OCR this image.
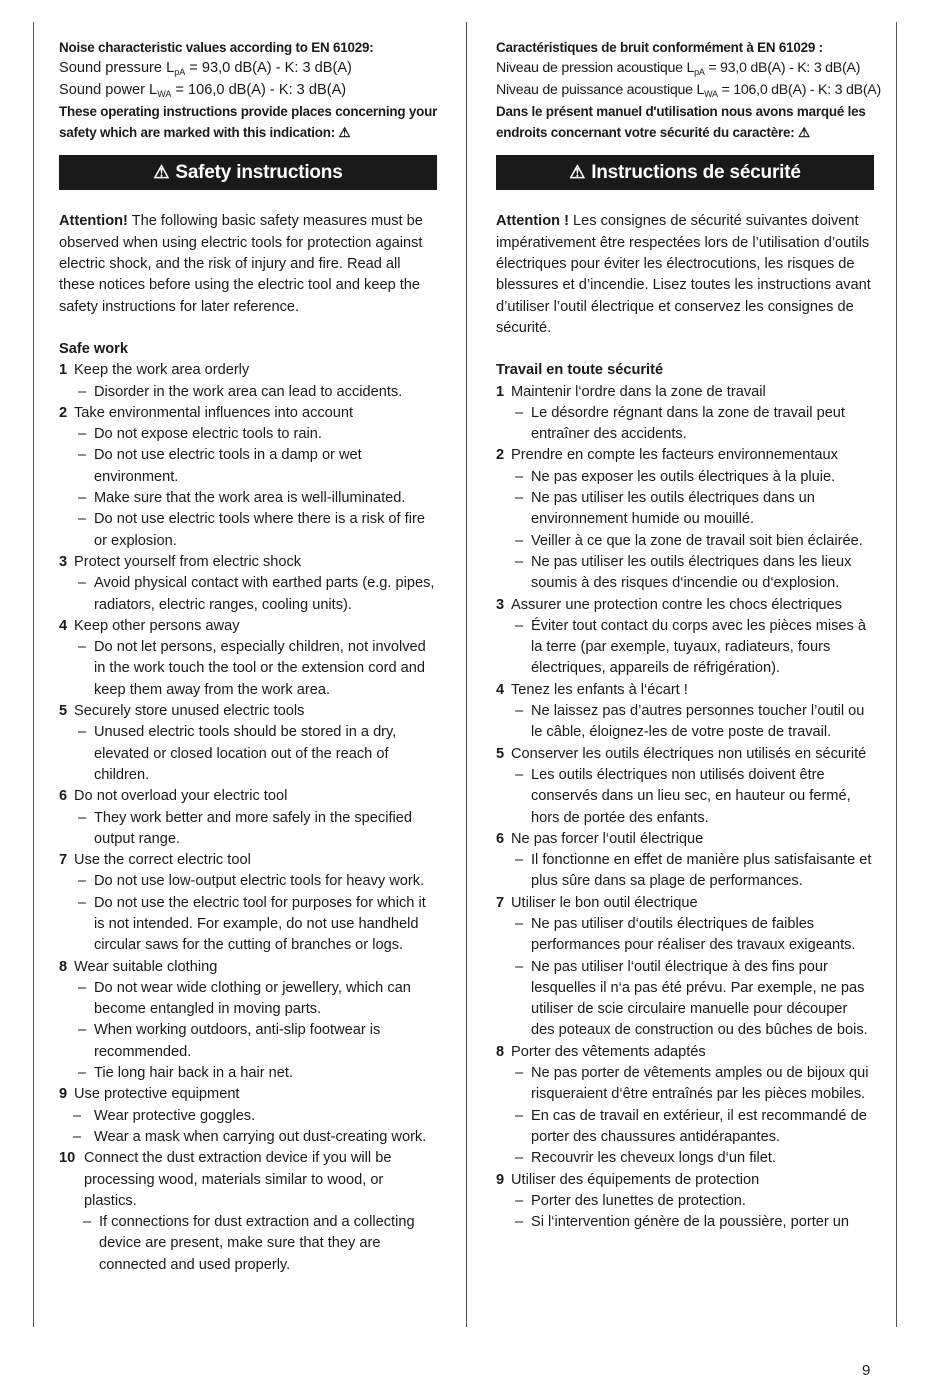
Noise characteristic values according to EN 61029:
Sound pressure $L_{pA} = 93,0$ dB(A) - K: 3 dB(A)
Sound power $L_{WA} = 106,0$ dB(A) - K: 3 dB(A)
These operating instructions provide places concerning your
safety which are marked with this indication: ⚠
⚠ Safety instructions
Attention! The following basic safety measures must be observed when using electric tools for protection against electric shock, and the risk of injury and fire. Read all these notices before using the electric tool and keep the safety instructions for later reference.
Safe work
1 Keep the work area orderly
– Disorder in the work area can lead to accidents.
2 Take environmental influences into account
– Do not expose electric tools to rain.
– Do not use electric tools in a damp or wet environment.
– Make sure that the work area is well-illuminated.
– Do not use electric tools where there is a risk of fire or explosion.
3 Protect yourself from electric shock
– Avoid physical contact with earthed parts (e.g. pipes, radiators, electric ranges, cooling units).
4 Keep other persons away
– Do not let persons, especially children, not involved in the work touch the tool or the extension cord and keep them away from the work area.
5 Securely store unused electric tools
– Unused electric tools should be stored in a dry, elevated or closed location out of the reach of children.
6 Do not overload your electric tool
– They work better and more safely in the specified output range.
7 Use the correct electric tool
– Do not use low-output electric tools for heavy work.
– Do not use the electric tool for purposes for which it is not intended. For example, do not use handheld circular saws for the cutting of branches or logs.
8 Wear suitable clothing
– Do not wear wide clothing or jewellery, which can become entangled in moving parts.
– When working outdoors, anti-slip footwear is recommended.
– Tie long hair back in a hair net.
9 Use protective equipment
– Wear protective goggles.
– Wear a mask when carrying out dust-creating work.
10 Connect the dust extraction device if you will be processing wood, materials similar to wood, or plastics.
– If connections for dust extraction and a collecting device are present, make sure that they are connected and used properly.
Caractéristiques de bruit conformément à EN 61029 :
Niveau de pression acoustique $L_{pA} = 93,0$ dB(A) - K: 3 dB(A)
Niveau de puissance acoustique $L_{WA} = 106,0$ dB(A) - K: 3 dB(A)
Dans le présent manuel d'utilisation nous avons marqué les
endroits concernant votre sécurité du caractère: ⚠
⚠ Instructions de sécurité
Attention ! Les consignes de sécurité suivantes doivent impérativement être respectées lors de l’utilisation d’outils électriques pour éviter les électrocutions, les risques de blessures et d’incendie. Lisez toutes les instructions avant d’utiliser l’outil électrique et conservez les consignes de sécurité.
Travail en toute sécurité
1 Maintenir l‘ordre dans la zone de travail
– Le désordre régnant dans la zone de travail peut entraîner des accidents.
2 Prendre en compte les facteurs environnementaux
– Ne pas exposer les outils électriques à la pluie.
– Ne pas utiliser les outils électriques dans un environnement humide ou mouillé.
– Veiller à ce que la zone de travail soit bien éclairée.
– Ne pas utiliser les outils électriques dans les lieux soumis à des risques d‘incendie ou d‘explosion.
3 Assurer une protection contre les chocs électriques
– Éviter tout contact du corps avec les pièces mises à la terre (par exemple, tuyaux, radiateurs, fours électriques, appareils de réfrigération).
4 Tenez les enfants à l‘écart !
– Ne laissez pas d’autres personnes toucher l’outil ou le câble, éloignez-les de votre poste de travail.
5 Conserver les outils électriques non utilisés en sécurité
– Les outils électriques non utilisés doivent être conservés dans un lieu sec, en hauteur ou fermé, hors de portée des enfants.
6 Ne pas forcer l‘outil électrique
– Il fonctionne en effet de manière plus satisfaisante et plus sûre dans sa plage de performances.
7 Utiliser le bon outil électrique
– Ne pas utiliser d‘outils électriques de faibles performances pour réaliser des travaux exigeants.
– Ne pas utiliser l‘outil électrique à des fins pour lesquelles il n‘a pas été prévu. Par exemple, ne pas utiliser de scie circulaire manuelle pour découper des poteaux de construction ou des bûches de bois.
8 Porter des vêtements adaptés
– Ne pas porter de vêtements amples ou de bijoux qui risqueraient d‘être entraînés par les pièces mobiles.
– En cas de travail en extérieur, il est recommandé de porter des chaussures antidérapantes.
– Recouvrir les cheveux longs d‘un filet.
9 Utiliser des équipements de protection
– Porter des lunettes de protection.
– Si l‘intervention génère de la poussière, porter un
9
